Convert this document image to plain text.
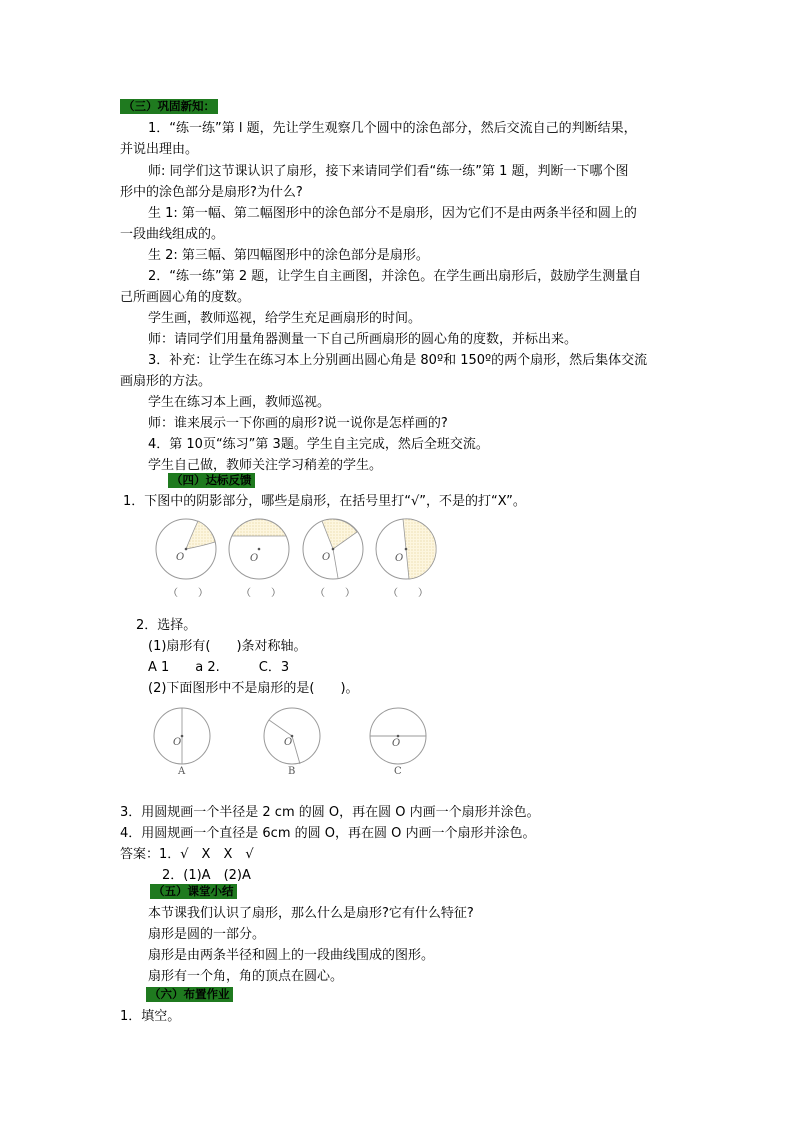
（三）巩固新知：
1．“练一练”第 l 题，先让学生观察几个圆中的涂色部分，然后交流自己的判断结果，
并说出理由。
师: 同学们这节课认识了扇形，接下来请同学们看“练一练”第 1 题，判断一下哪个图
形中的涂色部分是扇形?为什么?
生 1: 第一幅、第二幅图形中的涂色部分不是扇形，因为它们不是由两条半径和圆上的
一段曲线组成的。
生 2: 第三幅、第四幅图形中的涂色部分是扇形。
2．“练一练”第 2 题，让学生自主画图，并涂色。在学生画出扇形后，鼓励学生测量自
己所画圆心角的度数。
学生画，教师巡视，给学生充足画扇形的时间。
师：请同学们用量角器测量一下自己所画扇形的圆心角的度数，并标出来。
3．补充：让学生在练习本上分别画出圆心角是 80º和 150º的两个扇形，然后集体交流
画扇形的方法。
学生在练习本上画，教师巡视。
师：谁来展示一下你画的扇形?说一说你是怎样画的?
4．第 10页“练习”第 3题。学生自主完成，然后全班交流。
学生自己做，教师关注学习稍差的学生。
（四）达标反馈
1．下图中的阴影部分，哪些是扇形，在括号里打“√”，不是的打“X”。
O	O	O	O
（　　）	（　　）	（　　）	（　　）
2．选择。
(1)扇形有(　　)条对称轴。
A 1　　a 2.　　　C．3
(2)下面图形中不是扇形的是(　　)。
O	O	O
A	B	C
3．用圆规画一个半径是 2 cm 的圆 O，再在圆 O 内画一个扇形并涂色。
4．用圆规画一个直径是 6cm 的圆 O，再在圆 O 内画一个扇形并涂色。
答案：1．√　X　X　√
2．(1)A　(2)A
（五）课堂小结
本节课我们认识了扇形，那么什么是扇形?它有什么特征?
扇形是圆的一部分。
扇形是由两条半径和圆上的一段曲线围成的图形。
扇形有一个角，角的顶点在圆心。
（六）布置作业
1．填空。
